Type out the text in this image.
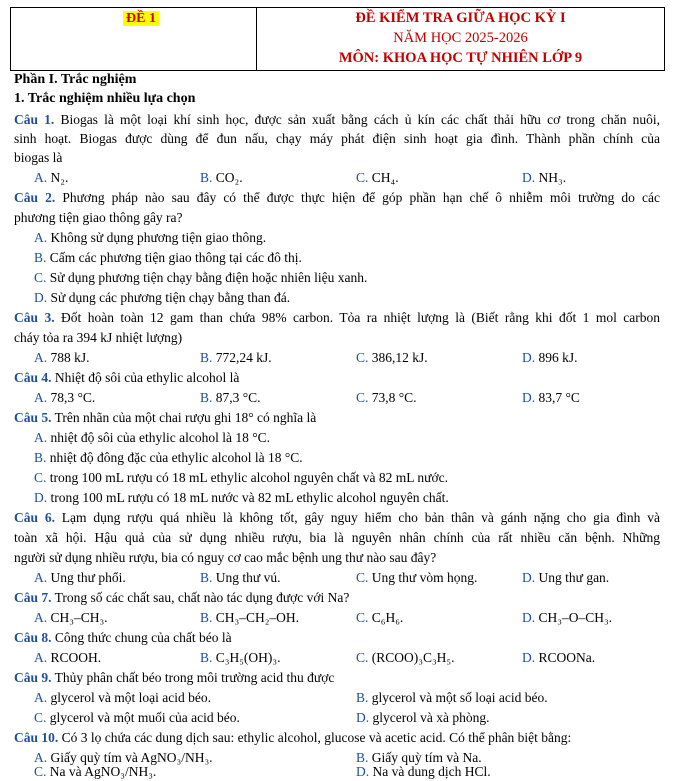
ĐỀ 1	ĐỀ KIỂM TRA GIỮA HỌC KỲ I
NĂM HỌC 2025-2026
MÔN: KHOA HỌC TỰ NHIÊN LỚP 9
Phần I. Trắc nghiệm
1. Trắc nghiệm nhiều lựa chọn
Câu 1. Biogas là một loại khí sinh học, được sản xuất bằng cách ủ kín các chất thải hữu cơ trong chăn nuôi,
sinh hoạt. Biogas được dùng để đun nấu, chạy máy phát điện sinh hoạt gia đình. Thành phần chính của
biogas là
A. N₂.	B. CO₂.	C. CH₄.	D. NH₃.
Câu 2. Phương pháp nào sau đây có thể được thực hiện để góp phần hạn chế ô nhiễm môi trường do các
phương tiện giao thông gây ra?
A. Không sử dụng phương tiện giao thông.
B. Cấm các phương tiện giao thông tại các đô thị.
C. Sử dụng phương tiện chạy bằng điện hoặc nhiên liệu xanh.
D. Sử dụng các phương tiện chạy bằng than đá.
Câu 3. Đốt hoàn toàn 12 gam than chứa 98% carbon. Tỏa ra nhiệt lượng là (Biết rằng khi đốt 1 mol carbon
cháy tỏa ra 394 kJ nhiệt lượng)
A. 788 kJ.	B. 772,24 kJ.	C. 386,12 kJ.	D. 896 kJ.
Câu 4. Nhiệt độ sôi của ethylic alcohol là
A. 78,3 °C.	B. 87,3 °C.	C. 73,8 °C.	D. 83,7 °C
Câu 5. Trên nhãn của một chai rượu ghi 18° có nghĩa là
A. nhiệt độ sôi của ethylic alcohol là 18 °C.
B. nhiệt độ đông đặc của ethylic alcohol là 18 °C.
C. trong 100 mL rượu có 18 mL ethylic alcohol nguyên chất và 82 mL nước.
D. trong 100 mL rượu có 18 mL nước và 82 mL ethylic alcohol nguyên chất.
Câu 6. Lạm dụng rượu quá nhiều là không tốt, gây nguy hiểm cho bản thân và gánh nặng cho gia đình và
toàn xã hội. Hậu quả của sử dụng nhiều rượu, bia là nguyên nhân chính của rất nhiều căn bệnh. Những
người sử dụng nhiều rượu, bia có nguy cơ cao mắc bệnh ung thư nào sau đây?
A. Ung thư phổi.	B. Ung thư vú.	C. Ung thư vòm họng.	D. Ung thư gan.
Câu 7. Trong số các chất sau, chất nào tác dụng được với Na?
A. CH₃–CH₃.	B. CH₃–CH₂–OH.	C. C₆H₆.	D. CH₃–O–CH₃.
Câu 8. Công thức chung của chất béo là
A. RCOOH.	B. C₃H₅(OH)₃.	C. (RCOO)₃C₃H₅.	D. RCOONa.
Câu 9. Thủy phân chất béo trong môi trường acid thu được
A. glycerol và một loại acid béo.	B. glycerol và một số loại acid béo.
C. glycerol và một muối của acid béo.	D. glycerol và xà phòng.
Câu 10. Có 3 lọ chứa các dung dịch sau: ethylic alcohol, glucose và acetic acid. Có thể phân biệt bằng:
A. Giấy quỳ tím và AgNO₃/NH₃.	B. Giấy quỳ tím và Na.
C. Na và AgNO₃/NH₃.	D. Na và dung dịch HCl.
